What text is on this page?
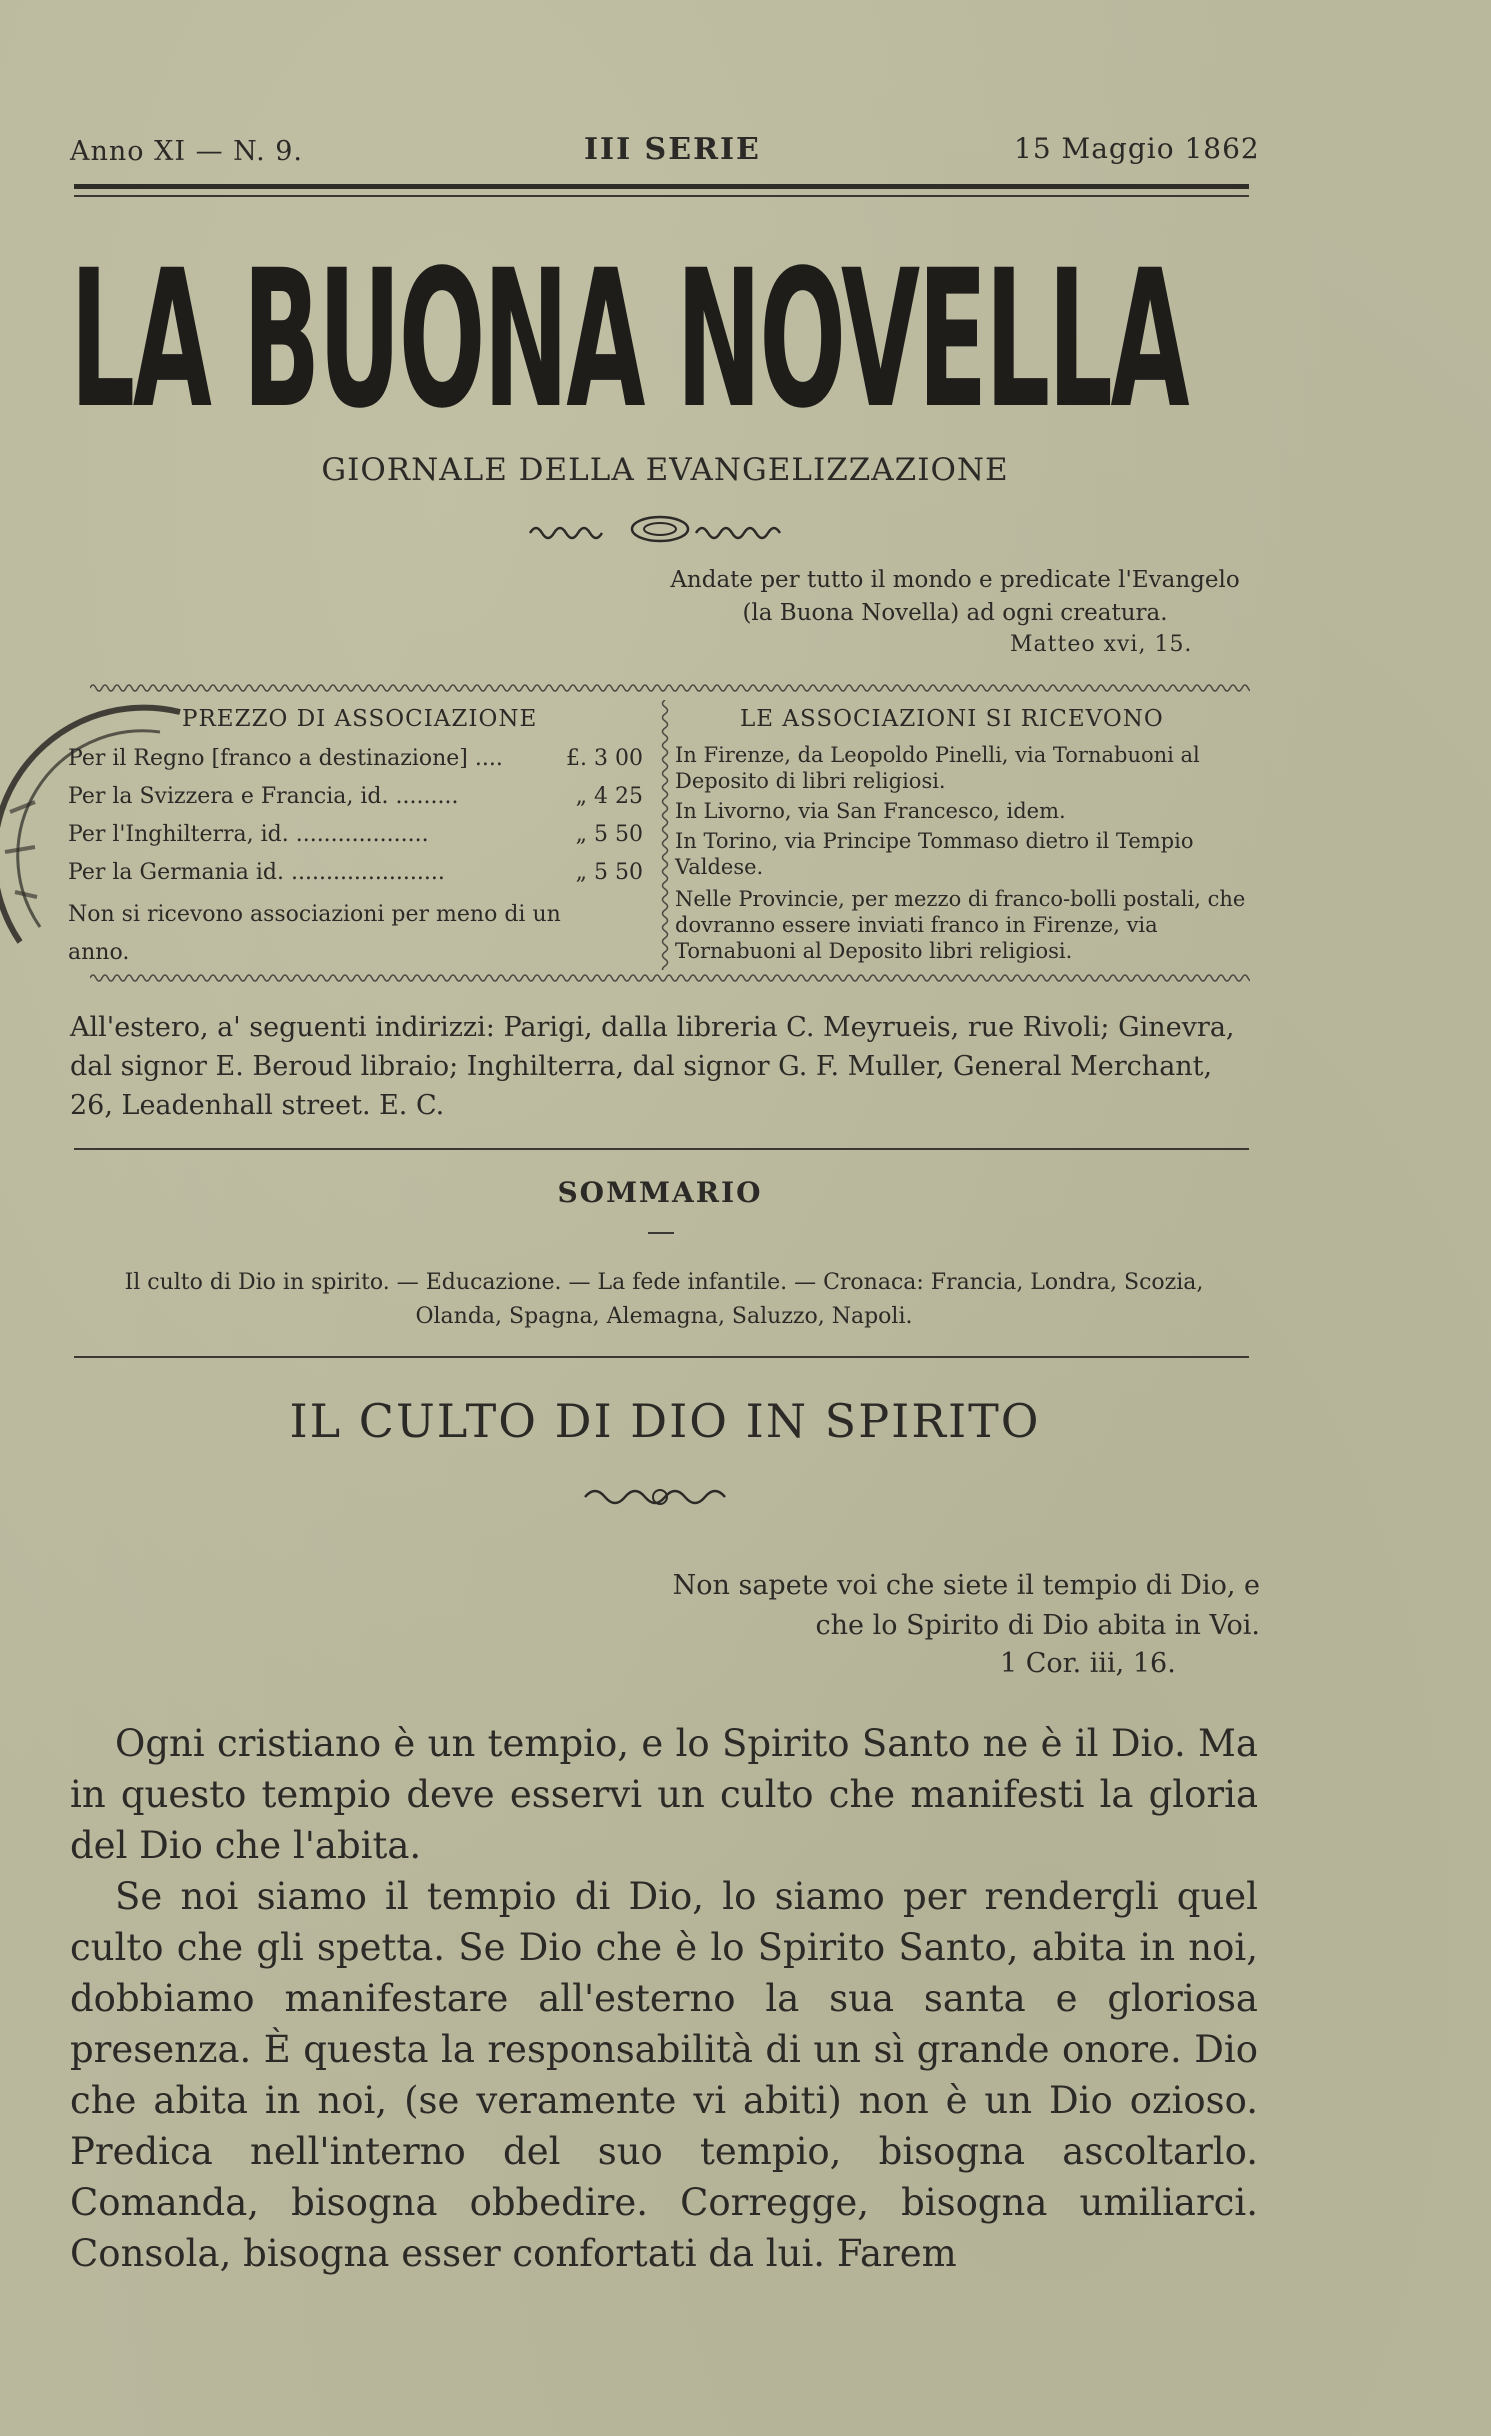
Anno XI — N. 9.	III SERIE	15 Maggio 1862
LA BUONA NOVELLA
GIORNALE DELLA EVANGELIZZAZIONE
Andate per tutto il mondo e predicate l'Evangelo (la Buona Novella) ad ogni creatura.
Matteo xvi, 15.
PREZZO DI ASSOCIAZIONE
Per il Regno [franco a destinazione] ....	£. 3 00
Per la Svizzera e Francia, id. .........	„ 4 25
Per l'Inghilterra, id. ...................	„ 5 50
Per la Germania id. ......................	„ 5 50
Non si ricevono associazioni per meno di un anno.
LE ASSOCIAZIONI SI RICEVONO
In Firenze, da Leopoldo Pinelli, via Tornabuoni al Deposito di libri religiosi.
In Livorno, via San Francesco, idem.
In Torino, via Principe Tommaso dietro il Tempio Valdese.
Nelle Provincie, per mezzo di franco-bolli postali, che dovranno essere inviati franco in Firenze, via Tornabuoni al Deposito libri religiosi.
All'estero, a' seguenti indirizzi: Parigi, dalla libreria C. Meyrueis, rue Rivoli; Ginevra, dal signor E. Beroud libraio; Inghilterra, dal signor G. F. Muller, General Merchant, 26, Leadenhall street. E. C.
SOMMARIO
Il culto di Dio in spirito. — Educazione. — La fede infantile. — Cronaca: Francia, Londra, Scozia, Olanda, Spagna, Alemagna, Saluzzo, Napoli.
IL CULTO DI DIO IN SPIRITO
Non sapete voi che siete il tempio di Dio, e che lo Spirito di Dio abita in Voi.
1 Cor. iii, 16.

Ogni cristiano è un tempio, e lo Spirito Santo ne è il Dio. Ma in questo tempio deve esservi un culto che manifesti la gloria del Dio che l'abita.

Se noi siamo il tempio di Dio, lo siamo per rendergli quel culto che gli spetta. Se Dio che è lo Spirito Santo, abita in noi, dobbiamo manifestare all'esterno la sua santa e gloriosa presenza. È questa la responsabilità di un sì grande onore. Dio che abita in noi, (se veramente vi abiti) non è un Dio ozioso. Predica nell'interno del suo tempio, bisogna ascoltarlo. Comanda, bisogna obbedire. Corregge, bisogna umiliarci. Consola, bisogna esser confortati da lui. Farem
